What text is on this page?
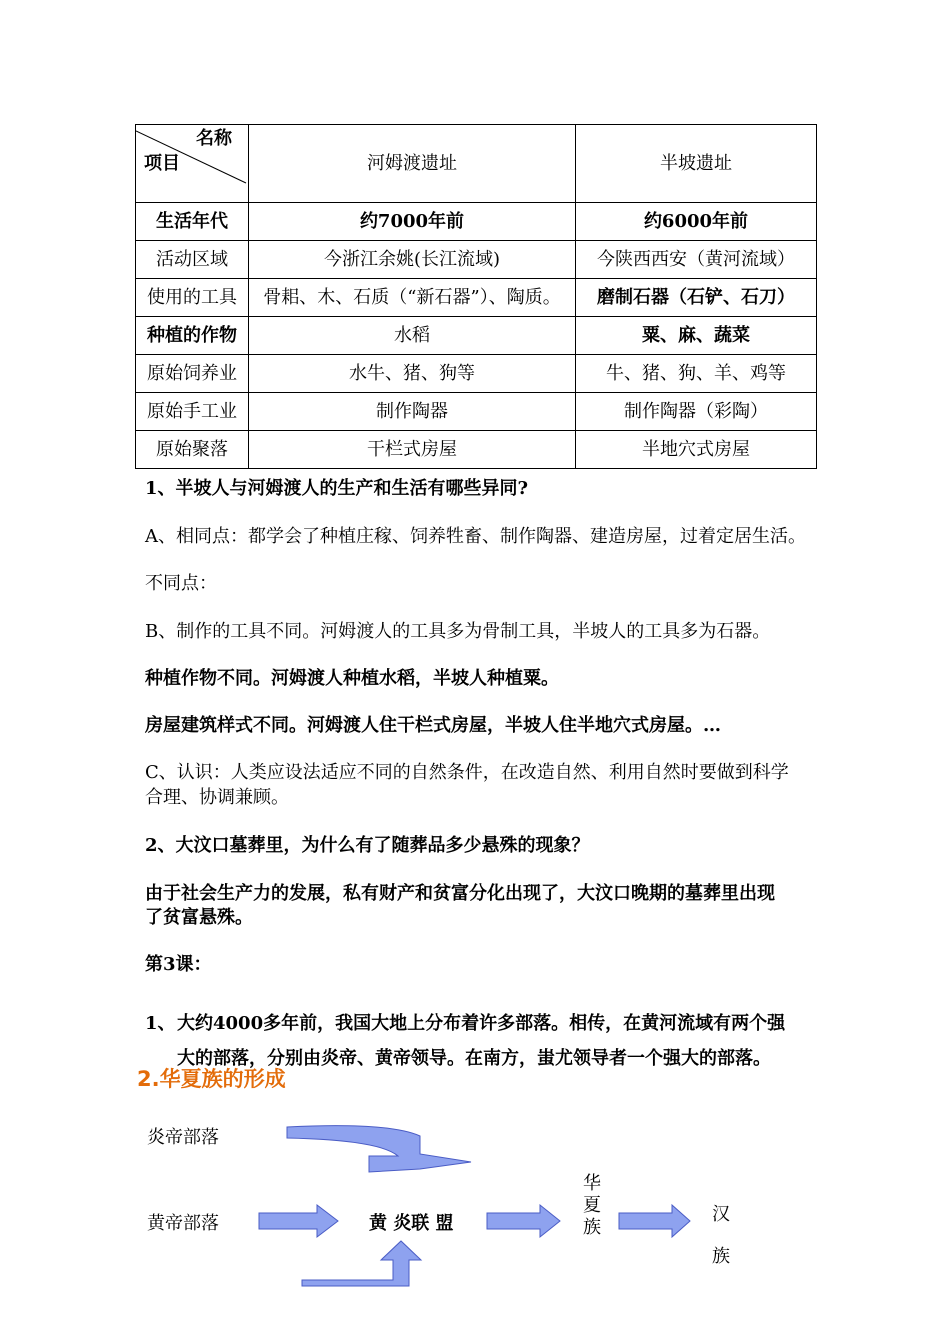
名称
项目	河姆渡遗址	半坡遗址
生活年代	约7000年前	约6000年前
活动区域	今浙江余姚(长江流域)	今陕西西安（黄河流域）
使用的工具	骨耜、木、石质（“新石器”）、陶质。	磨制石器（石铲、石刀）
种植的作物	水稻	粟、麻、蔬菜
原始饲养业	水牛、猪、狗等	牛、猪、狗、羊、鸡等
原始手工业	制作陶器	制作陶器（彩陶）
原始聚落	干栏式房屋	半地穴式房屋
1、半坡人与河姆渡人的生产和生活有哪些异同?
A、相同点：都学会了种植庄稼、饲养牲畜、制作陶器、建造房屋，过着定居生活。
不同点：
B、制作的工具不同。河姆渡人的工具多为骨制工具，半坡人的工具多为石器。
种植作物不同。河姆渡人种植水稻，半坡人种植粟。
房屋建筑样式不同。河姆渡人住干栏式房屋，半坡人住半地穴式房屋。…
C、认识：人类应设法适应不同的自然条件，在改造自然、利用自然时要做到科学
合理、协调兼顾。
2、大汶口墓葬里，为什么有了随葬品多少悬殊的现象？
由于社会生产力的发展，私有财产和贫富分化出现了，大汶口晚期的墓葬里出现
了贫富悬殊。
第3课：
1、 大约4000多年前，我国大地上分布着许多部落。相传，在黄河流域有两个强
大的部落，分别由炎帝、黄帝领导。在南方，蚩尤领导者一个强大的部落。
2.华夏族的形成
炎帝部落
黄帝部落	黄 炎联 盟
华
夏
族
汉
族
